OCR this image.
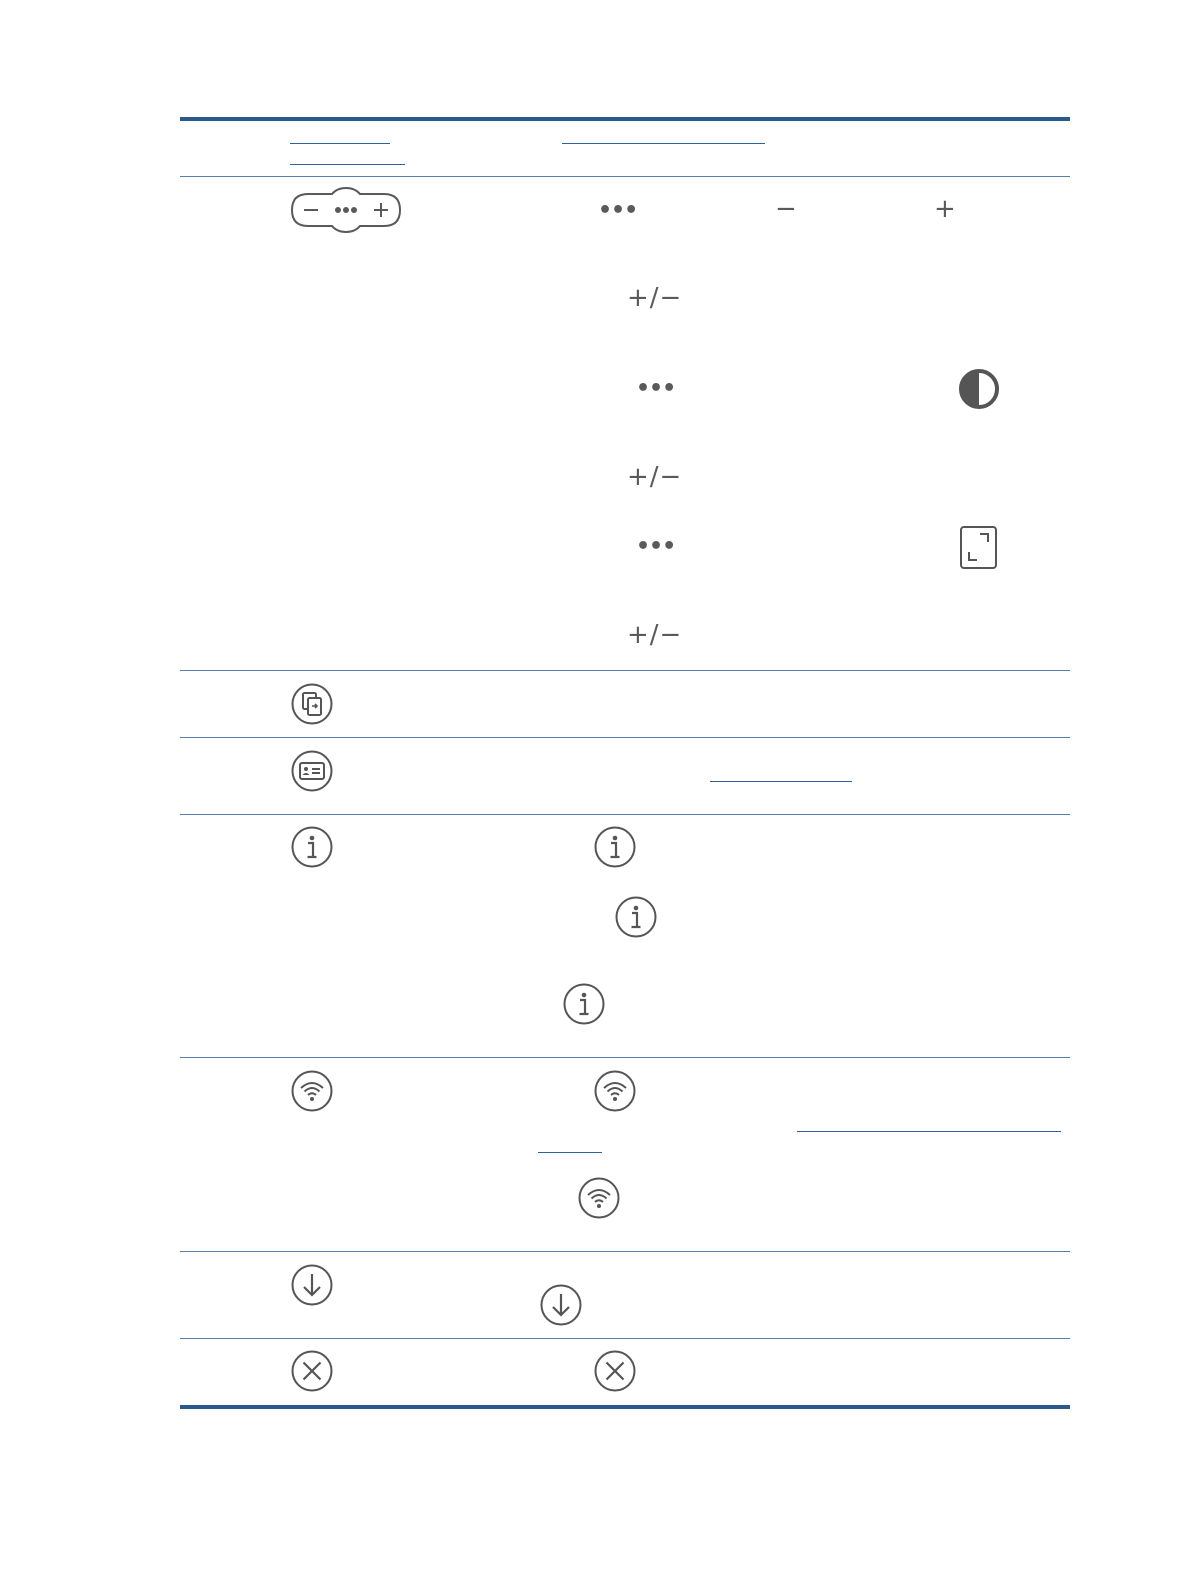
•••	−	+
+/−
•••
+/−
•••
+/−
